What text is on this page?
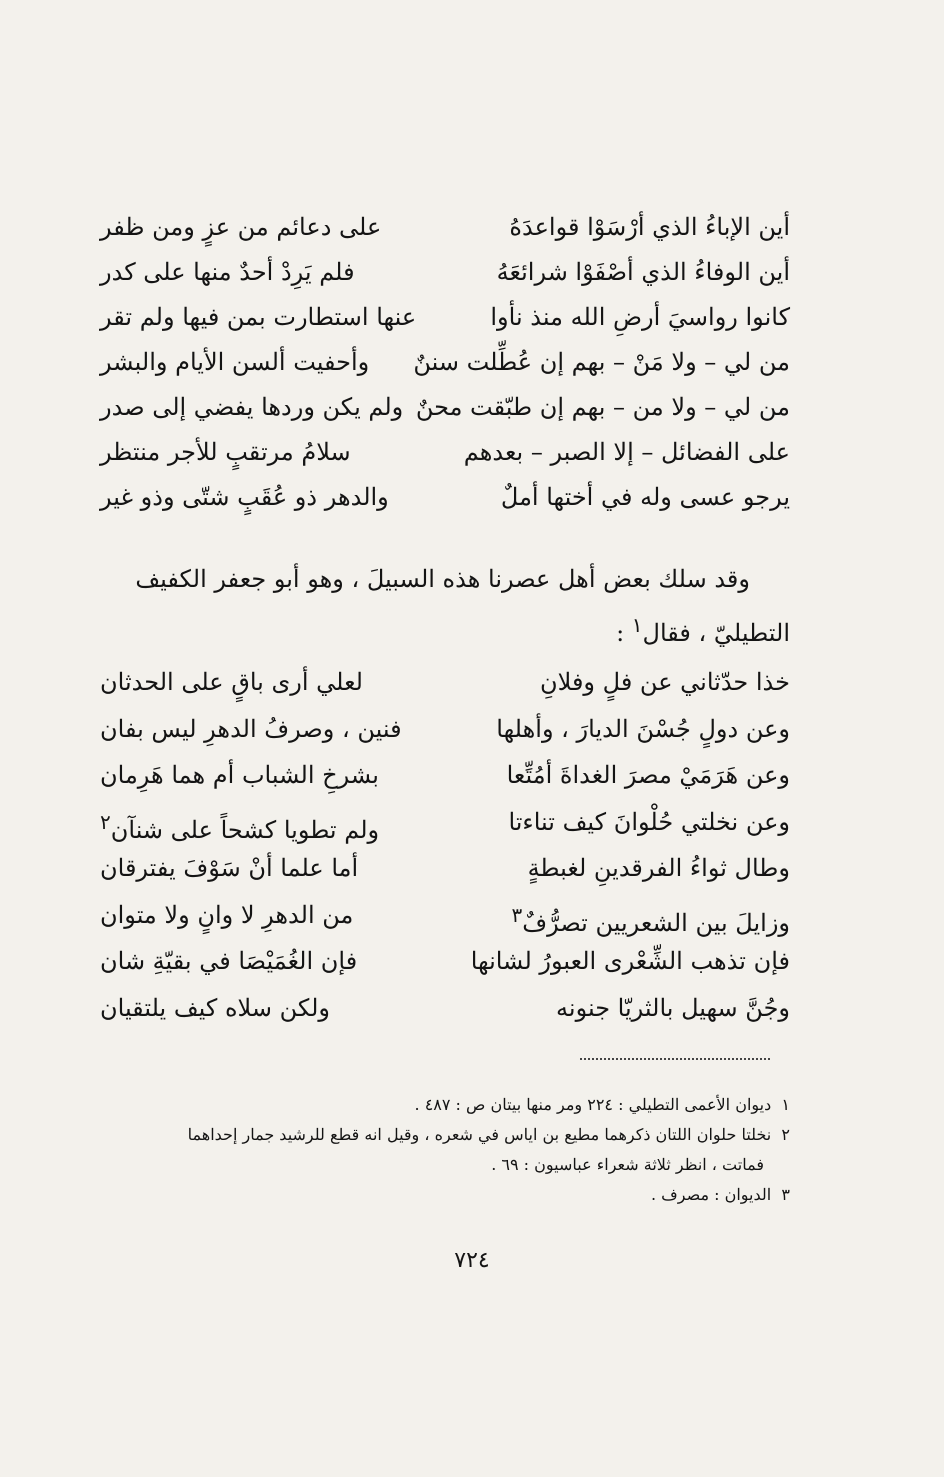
أين الإباءُ الذي أرْسَوْا قواعدَهُ
على دعائم من عزٍ ومن ظفر
أين الوفاءُ الذي أصْفَوْا شرائعَهُ
فلم يَرِدْ أحدٌ منها على كدر
كانوا رواسيَ أرضِ الله منذ نأوا
عنها استطارت بمن فيها ولم تقر
من لي – ولا مَنْ – بهم إن عُطِّلت سننٌ
وأحفيت ألسن الأيام والبشر
من لي – ولا من – بهم إن طبّقت محنٌ
ولم يكن وردها يفضي إلى صدر
على الفضائل – إلا الصبر – بعدهم
سلامُ مرتقبٍ للأجر منتظر
يرجو عسى وله في أختها أملٌ
والدهر ذو عُقَبٍ شتّى وذو غير

وقد سلك بعض أهل عصرنا هذه السبيلَ ، وهو أبو جعفر الكفيف

التطيليّ ، فقال$^١$ :

خذا حدّثاني عن فلٍ وفلانِ
لعلي أرى باقٍ على الحدثان
وعن دولٍ جُسْنَ الديارَ ، وأهلها
فنين ، وصرفُ الدهرِ ليس بفان
وعن هَرَمَيْ مصرَ الغداةَ أمُتِّعا
بشرخِ الشباب أم هما هَرِمان
وعن نخلتي حُلْوانَ كيف تناءتا
ولم تطويا كشحاً على شنآن$^٢$
وطال ثواءُ الفرقدينِ لغبطةٍ
أما علما أنْ سَوْفَ يفترقان
وزايلَ بين الشعريين تصرُّفٌ$^٣$
من الدهرِ لا وانٍ ولا متوان
فإن تذهب الشِّعْرى العبورُ لشانها
فإن الغُمَيْصَا في بقيّةِ شان
وجُنَّ سهيل بالثريّا جنونه
ولكن سلاه كيف يلتقيان

١  ديوان الأعمى التطيلي : ٢٢٤ ومر منها بيتان ص : ٤٨٧ .

٢  نخلتا حلوان اللتان ذكرهما مطيع بن اياس في شعره ، وقيل انه قطع للرشيد جمار إحداهما

فماتت ، انظر ثلاثة شعراء عباسيون : ٦٩ .

٣  الديوان : مصرف .

٧٢٤
